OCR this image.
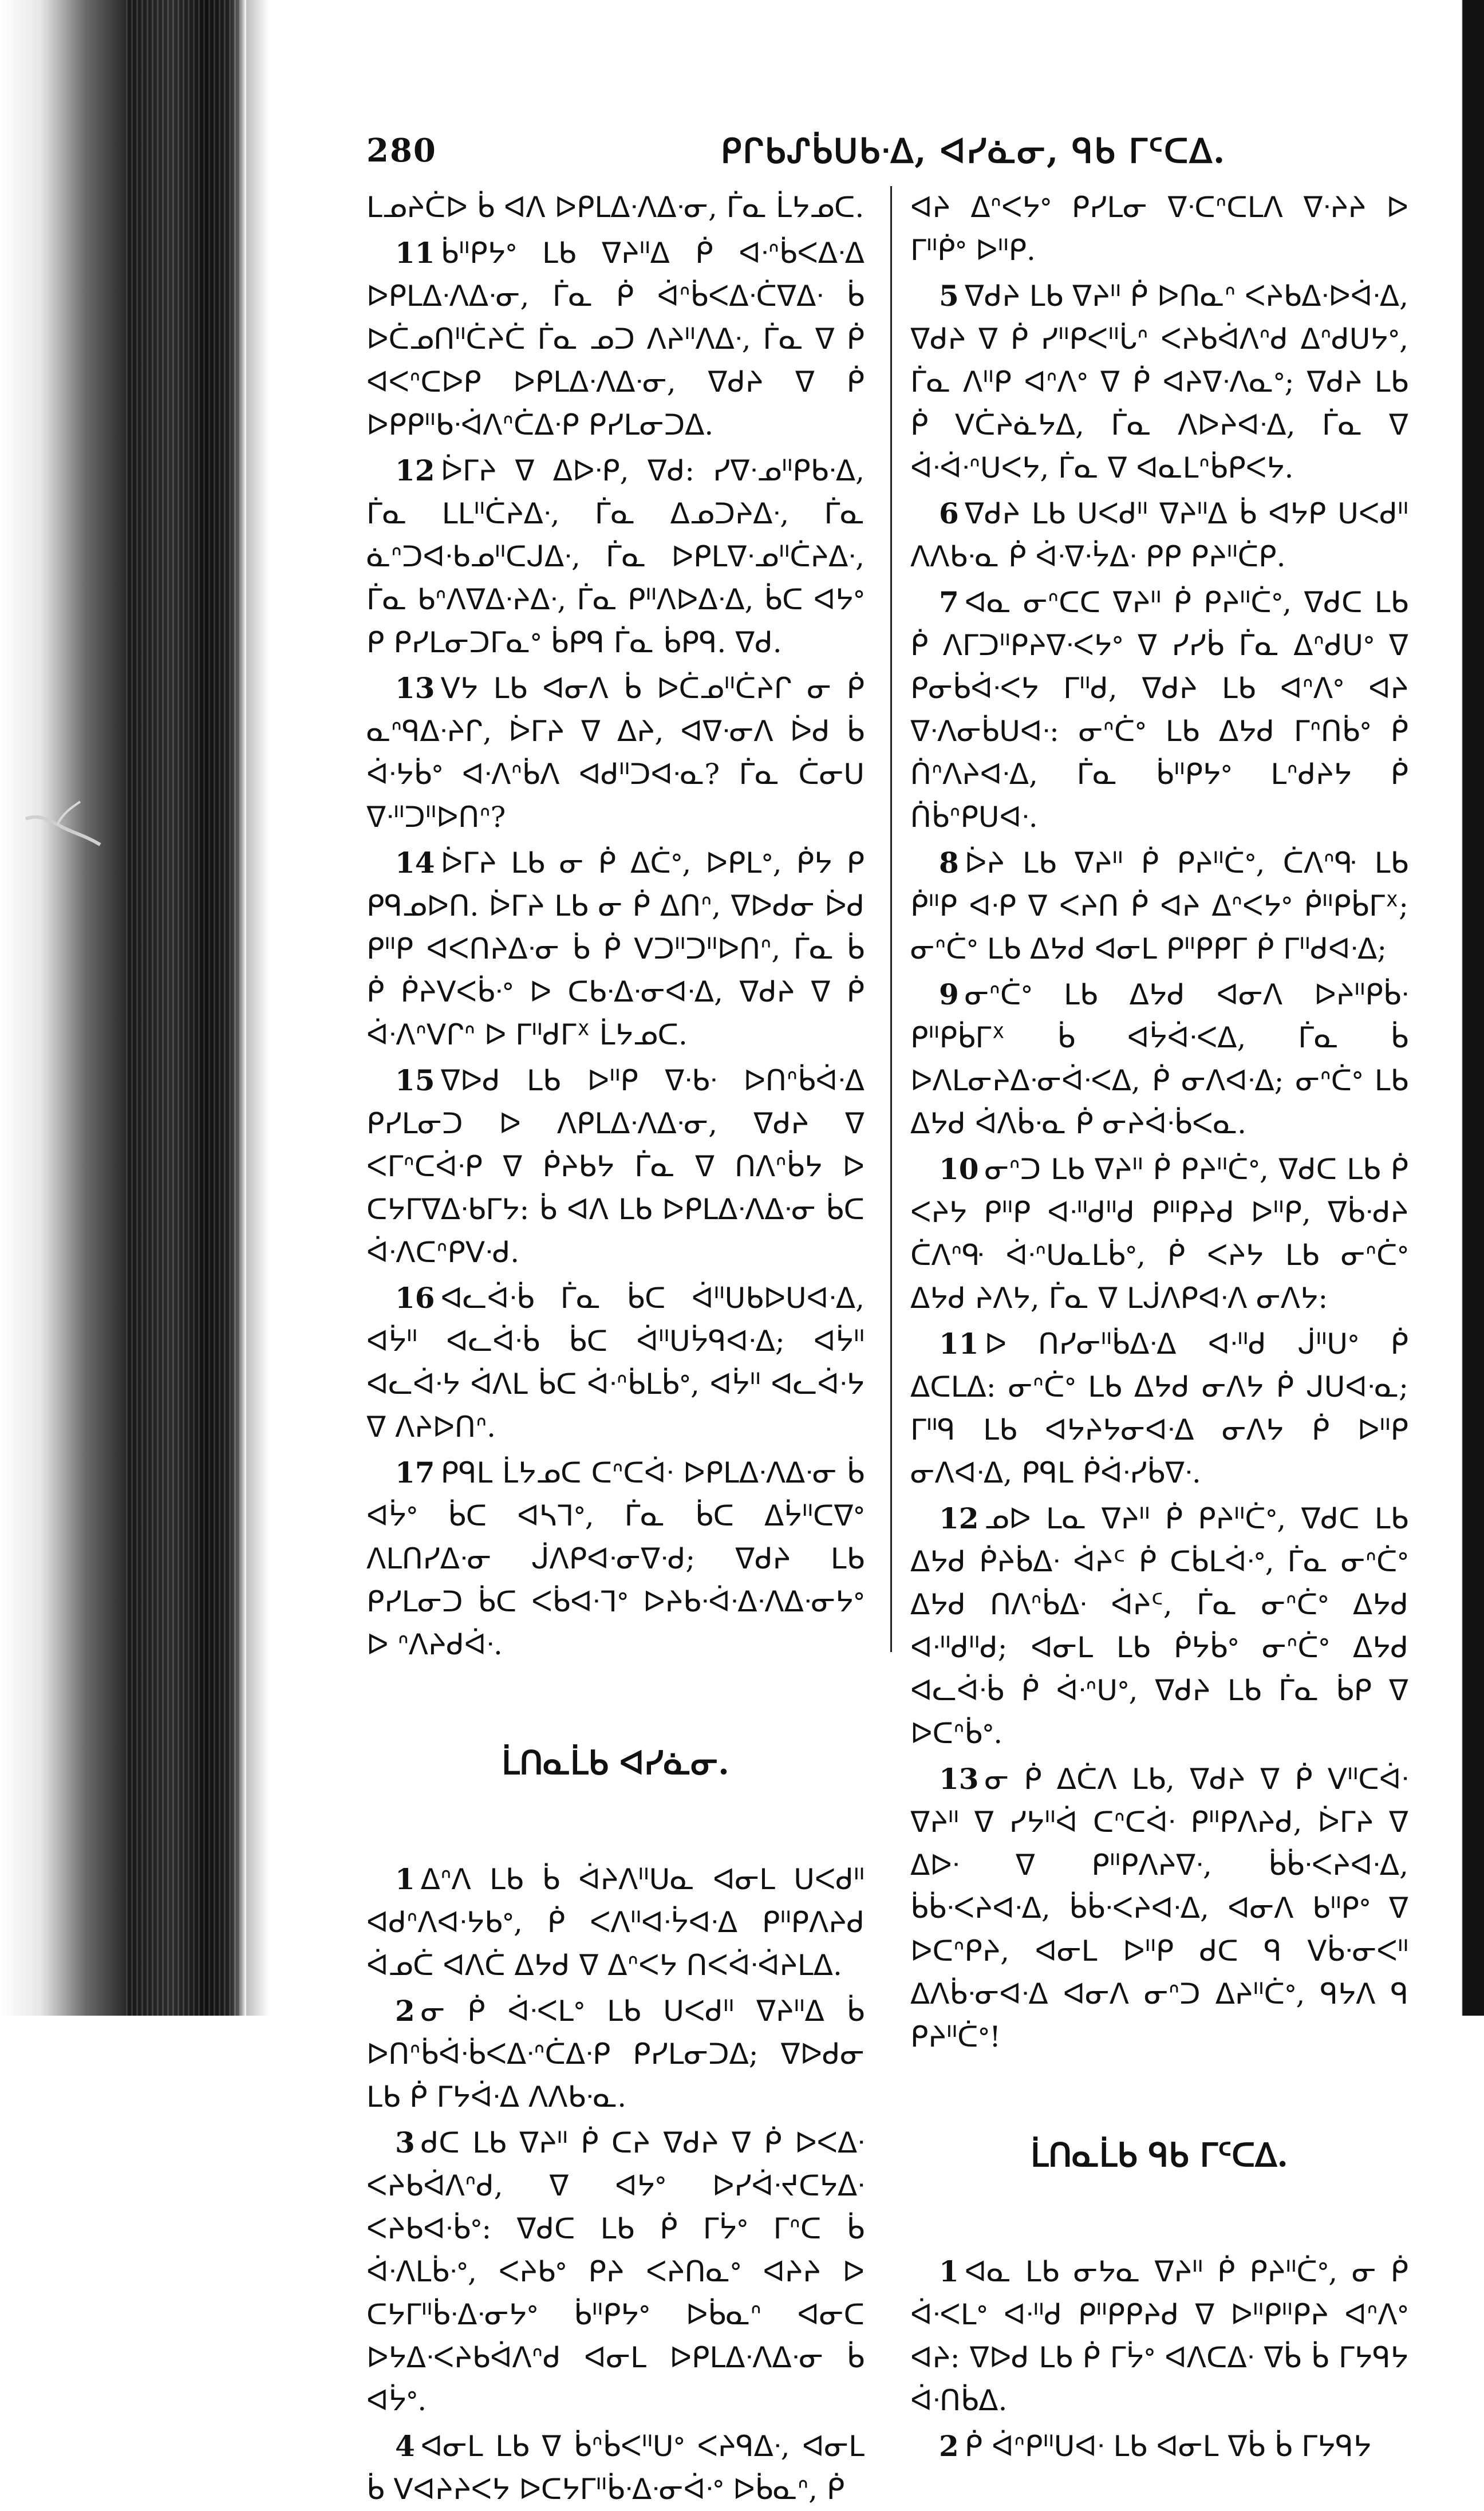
280	ᑭᒋᑲᔑᑳᑌᑲᐧᐃ, ᐊᓯᓈᓂ, ᑫᑲ ᒥᑦᑕᐃ.

ᒪᓄᔨᑖᐅ ᑳ ᐊᐱ ᐅᑭᒪᐃᐧᐱᐃᐧᓂ, ᒦᓇ ᒫᔭᓄᑕ.

11 ᑳᐦᑭᔭᐤ ᒪᑲ ᐁᔨᐦᐃ ᑮ ᐊᐧᐢᑳᐸᐃᐧᐃ ᐅᑭᒪᐃᐧᐱᐃᐧᓂ, ᒦᓇ ᑮ ᐋᐢᑳᐸᐃᐧᑖᐁᐃᐧ ᑳ ᐅᑖᓄᑎᐦᑖᔨᑖ ᒦᓇ ᓄᑐ ᐱᔨᐦᐱᐃᐧ, ᒦᓇ ᐁ ᑮ ᐊᐸᐢᑕᐅᑭ ᐅᑭᒪᐃᐧᐱᐃᐧᓂ, ᐁᑯᔨ ᐁ ᑮ ᐅᑭᑭᐦᑲᐧᐋᐱᐢᑖᐃᐧᑭ ᑭᓯᒪᓂᑐᐃ.

12 ᐆᒥᔨ ᐁ ᐃᐅᐧᑭ, ᐁᑯ: ᓯᐁᐧᓄᐦᑭᑲᐧᐃ, ᒦᓇ ᒪᒪᐦᑖᔨᐃᐧ, ᒦᓇ ᐃᓄᑐᔨᐃᐧ, ᒦᓇ ᓈᐢᑐᐊᐧᑲᓄᐦᑕᒍᐃᐧ, ᒦᓇ ᐅᑭᒪᐁᐧᓄᐦᑖᔨᐃᐧ, ᒦᓇ ᑲᐢᐱᐁᐃᐧᔨᐃᐧ, ᒦᓇ ᑭᐦᐱᐅᐃᐧᐃ, ᑳᑕ ᐊᔭᐤ ᑭ ᑭᓯᒪᓂᑐᒥᓇᐤ ᑳᑭᑫ ᒦᓇ ᑳᑭᑫ. ᐁᑯ.

13 ᐯᔭ ᒪᑲ ᐊᓂᐱ ᑳ ᐅᑖᓄᐦᑖᔨᒋ ᓂ ᑮ ᓇᐢᑫᐃᐧᔨᒋ, ᐆᒥᔨ ᐁ ᐃᔨ, ᐊᐁᐧᓂᐱ ᐆᑯ ᑳ ᐋᐧᔭᑳᐤ ᐊᐧᐱᐢᑳᐱ ᐊᑯᐦᑐᐊᐧᓇ? ᒦᓇ ᑖᓂᑌ ᐁᐧᐦᑐᐦᐅᑎᐢ?

14 ᐆᒥᔨ ᒪᑲ ᓂ ᑮ ᐃᑖᐤ, ᐅᑭᒪᐤ, ᑮᔭ ᑭ ᑭᑫᓄᐅᑎ. ᐆᒥᔨ ᒪᑲ ᓂ ᑮ ᐃᑎᐢ, ᐁᐅᑯᓂ ᐆᑯ ᑭᐦᑭ ᐊᐸᑎᔨᐃᐧᓂ ᑳ ᑮ ᐯᑐᐦᑐᐦᐅᑎᐢ, ᒦᓇ ᑳ ᑮ ᑮᔨᐯᐸᑳᐧᐤ ᐅ ᑕᑲᐧᐃᐧᓂᐊᐧᐃ, ᐁᑯᔨ ᐁ ᑮ ᐋᐧᐱᐢᐯᒋᐢ ᐅ ᒥᐦᑯᒥᕽ ᒫᔭᓄᑕ.

15 ᐁᐅᑯ ᒪᑲ ᐅᐦᑭ ᐁᐧᑲᐧ ᐅᑎᐢᑳᐋᐧᐃ ᑭᓯᒪᓂᑐ ᐅ ᐱᑭᒪᐃᐧᐱᐃᐧᓂ, ᐁᑯᔨ ᐁ ᐸᒥᐢᑕᐋᐧᑭ ᐁ ᑮᔨᑲᔭ ᒦᓇ ᐁ ᑎᐱᐢᑳᔭ ᐅ ᑕᔭᒥᐁᐃᐧᑲᒥᔭ: ᑳ ᐊᐱ ᒪᑲ ᐅᑭᒪᐃᐧᐱᐃᐧᓂ ᑳᑕ ᐋᐧᐱᑕᐢᑭᐯᐧᑯ.

16 ᐊᓚᐋᐧᑳ ᒦᓇ ᑳᑕ ᐋᐦᑌᑲᐅᑌᐊᐧᐃ, ᐊᔮᐦ ᐊᓚᐋᐧᑳ ᑳᑕ ᐋᐦᑌᔮᑫᐊᐧᐃ; ᐊᔮᐦ ᐊᓚᐋᐧᔭ ᐋᐱᒪ ᑳᑕ ᐋᐧᐢᑳᒪᑳᐤ, ᐊᔮᐦ ᐊᓚᐋᐧᔭ ᐁ ᐱᔨᐅᑎᐢ.

17 ᑭᑫᒪ ᒫᔭᓄᑕ ᑕᐢᑕᐋᐧ ᐅᑭᒪᐃᐧᐱᐃᐧᓂ ᑳ ᐊᔮᐤ ᑳᑕ ᐊᓴᒣᐤ, ᒦᓇ ᑳᑕ ᐃᔮᐦᑕᐁᐤ ᐱᒪᑎᓯᐃᐧᓂ ᒎᐱᑭᐊᐧᓂᐁᐧᑯ; ᐁᑯᔨ ᒪᑲ ᑭᓯᒪᓂᑐ ᑳᑕ ᐸᑳᐊᐧᒣᐤ ᐅᔨᑲᐧᐋᐧᐃᐧᐱᐃᐧᓂᔭᐤ ᐅ ᐢᐱᔨᑯᐋᐧ.

ᒫᑎᓇᒫᑲ ᐊᓯᓈᓂ.

1 ᐃᐢᐱ ᒪᑲ ᑳ ᐋᔨᐱᐦᑌᓇ ᐊᓂᒪ ᑌᐸᑯᐦ ᐊᑯᐢᐱᐊᐧᔭᑲᐤ, ᑮ ᐸᐱᐦᐊᐧᔮᐊᐧᐃ ᑭᐦᑭᐱᔨᑯ ᐋᓄᑖ ᐊᐱᑖ ᐃᔭᑯ ᐁ ᐃᐢᐸᔭ ᑎᐸᐋᐧᐋᔨᒪᐃ.

2 ᓂ ᑮ ᐋᐧᐸᒪᐤ ᒪᑲ ᑌᐸᑯᐦ ᐁᔨᐦᐃ ᑳ ᐅᑎᐢᑳᐋᐧᑳᐸᐃᐧᐢᑖᐃᐧᑭ ᑭᓯᒪᓂᑐᐃ; ᐁᐅᑯᓂ ᒪᑲ ᑮ ᒥᔭᐋᐧᐃ ᐱᐱᑲᐧᓇ.

3 ᑯᑕ ᒪᑲ ᐁᔨᐦ ᑮ ᑕᔨ ᐁᑯᔨ ᐁ ᑮ ᐅᐸᐃᐧ ᐸᔨᑲᐋᐱᐢᑯ, ᐁ ᐊᔭᐤ ᐅᓯᐋᐧᔪᑕᔭᐃᐧ ᐸᔨᑲᐊᐧᑳᐤ: ᐁᑯᑕ ᒪᑲ ᑮ ᒥᔮᐤ ᒥᐢᑕ ᑳ ᐋᐧᐱᒪᑳᐧᐤ, ᐸᔨᑲᐤ ᑭᔨ ᐸᔨᑎᓇᐤ ᐊᔨᔨ ᐅ ᑕᔭᒥᐦᑳᐧᐃᐧᓂᔭᐤ ᑳᐦᑭᔭᐤ ᐅᑳᓇᐢ ᐊᓂᑕ ᐅᔭᐃᐧᐸᔨᑲᐋᐱᐢᑯ ᐊᓂᒪ ᐅᑭᒪᐃᐧᐱᐃᐧᓂ ᑳ ᐊᔮᐤ.

4 ᐊᓂᒪ ᒪᑲ ᐁ ᑳᐢᑳᐸᐦᑌᐤ ᐸᔨᑫᐃᐧ, ᐊᓂᒪ ᑳ ᐯᐊᔨᔨᐸᔭ ᐅᑕᔭᒥᐦᑳᐧᐃᐧᓂᐋᐧᐤ ᐅᑳᓇᐢ, ᑮ

ᐊᔨ ᐃᐢᐸᔭᐤ ᑭᓯᒪᓂ ᐁᐧᑕᐢᑕᒪᐱ ᐁᐧᔨᔨ ᐅ ᒥᐦᑮᐤ ᐅᐦᑭ.

5 ᐁᑯᔨ ᒪᑲ ᐁᔨᐦ ᑮ ᐅᑎᓇᐢ ᐸᔨᑲᐃᐧᐅᐋᐧᐃ, ᐁᑯᔨ ᐁ ᑮ ᓯᐦᑭᐸᐦᒑᐢ ᐸᔨᑲᐋᐱᐢᑯ ᐃᐢᑯᑌᔭᐤ, ᒦᓇ ᐱᐦᑭ ᐊᐢᐱᐤ ᐁ ᑮ ᐊᔨᐁᐧᐱᓇᐤ; ᐁᑯᔨ ᒪᑲ ᑮ ᐯᑖᔨᓈᔭᐃ, ᒦᓇ ᐱᐅᔨᐊᐧᐃ, ᒦᓇ ᐁ ᐋᐧᐋᐧᐢᑌᐸᔭ, ᒦᓇ ᐁ ᐊᓇᒪᐢᑳᑭᐸᔭ.

6 ᐁᑯᔨ ᒪᑲ ᑌᐸᑯᐦ ᐁᔨᐦᐃ ᑳ ᐊᔭᑭ ᑌᐸᑯᐦ ᐱᐱᑲᐧᓇ ᑮ ᐋᐧᐁᐧᔮᐃᐧ ᑭᑭ ᑭᔨᐦᑖᑭ.

7 ᐊᓇ ᓂᐢᑕᑕ ᐁᔨᐦ ᑮ ᑭᔨᐦᑖᐤ, ᐁᑯᑕ ᒪᑲ ᑮ ᐱᒥᑐᐦᑭᔨᐁᐧᐸᔭᐤ ᐁ ᓯᓯᑳ ᒦᓇ ᐃᐢᑯᑌᐤ ᐁ ᑭᓂᑳᐋᐧᐸᔭ ᒥᐦᑯ, ᐁᑯᔨ ᒪᑲ ᐊᐢᐱᐤ ᐊᔨ ᐁᐧᐱᓂᑳᑌᐊᐧ: ᓂᐢᑖᐤ ᒪᑲ ᐃᔭᑯ ᒥᐢᑎᑳᐤ ᑮ ᑏᐢᐱᔨᐊᐧᐃ, ᒦᓇ ᑳᐦᑭᔭᐤ ᒪᐢᑯᔨᔭ ᑮ ᑏᑳᐢᑭᑌᐊᐧ.

8 ᐆᔨ ᒪᑲ ᐁᔨᐦ ᑮ ᑭᔨᐦᑖᐤ, ᑖᐱᐢᑵ ᒪᑲ ᑮᐦᑭ ᐊᐧᑭ ᐁ ᐸᔨᑎ ᑮ ᐊᔨ ᐃᐢᐸᔭᐤ ᑮᐦᑭᑳᒥᕽ; ᓂᐢᑖᐤ ᒪᑲ ᐃᔭᑯ ᐊᓂᒪ ᑭᐦᑭᑭᒥ ᑮ ᒥᐦᑯᐊᐧᐃ;

9 ᓂᐢᑖᐤ ᒪᑲ ᐃᔭᑯ ᐊᓂᐱ ᐅᔨᐦᑭᑳᐧ ᑭᐦᑭᑳᒥᕽ ᑳ ᐊᔮᐋᐧᐸᐃ, ᒦᓇ ᑳ ᐅᐱᒪᓂᔨᐃᐧᓂᐋᐧᐸᐃ, ᑮ ᓂᐱᐊᐧᐃ; ᓂᐢᑖᐤ ᒪᑲ ᐃᔭᑯ ᐋᐱᑳᐧᓇ ᑮ ᓂᔨᐋᐧᑳᐸᓇ.

10 ᓂᐢᑐ ᒪᑲ ᐁᔨᐦ ᑮ ᑭᔨᐦᑖᐤ, ᐁᑯᑕ ᒪᑲ ᑮ ᐸᔨᔭ ᑭᐦᑭ ᐊᐧᐦᑯᐦᑯ ᑭᐦᑭᔨᑯ ᐅᐦᑭ, ᐁᑳᐧᑯᔨ ᑖᐱᐢᑵ ᐋᐧᐢᑌᓇᒪᑳᐤ, ᑮ ᐸᔨᔭ ᒪᑲ ᓂᐢᑖᐤ ᐃᔭᑯ ᔨᐱᔭ, ᒦᓇ ᐁ ᒪᒎᐱᑭᐊᐧᐱ ᓂᐱᔭ:

11 ᐅ ᑎᓯᓂᐦᑳᐃᐧᐃ ᐊᐧᐦᑯ ᒎᐦᑌᐤ ᑮ ᐃᑕᒪᐃ: ᓂᐢᑖᐤ ᒪᑲ ᐃᔭᑯ ᓂᐱᔭ ᑮ ᒍᑌᐊᐧᓇ; ᒥᐦᑫ ᒪᑲ ᐊᔭᔨᔭᓂᐊᐧᐃ ᓂᐱᔭ ᑮ ᐅᐦᑭ ᓂᐱᐊᐧᐃ, ᑭᑫᒪ ᑮᐋᐧᓯᑳᐁᐧ.

12 ᓄᐅ ᒪᓇ ᐁᔨᐦ ᑮ ᑭᔨᐦᑖᐤ, ᐁᑯᑕ ᒪᑲ ᐃᔭᑯ ᑮᔨᑳᐃᐧ ᐋᔨᑦ ᑮ ᑕᑳᒪᐋᐧᐤ, ᒦᓇ ᓂᐢᑖᐤ ᐃᔭᑯ ᑎᐱᐢᑳᐃᐧ ᐋᔨᑦ, ᒦᓇ ᓂᐢᑖᐤ ᐃᔭᑯ ᐊᐧᐦᑯᐦᑯ; ᐊᓂᒪ ᒪᑲ ᑮᔭᑳᐤ ᓂᐢᑖᐤ ᐃᔭᑯ ᐊᓚᐋᐧᑳ ᑮ ᐋᐧᐢᑌᐤ, ᐁᑯᔨ ᒪᑲ ᒦᓇ ᑳᑭ ᐁ ᐅᑕᐢᑳᐤ.

13 ᓂ ᑮ ᐃᑖᐱ ᒪᑲ, ᐁᑯᔨ ᐁ ᑮ ᐯᐦᑕᐋᐧ ᐁᔨᐦ ᐁ ᓯᔭᐦᐋ ᑕᐢᑕᐋᐧ ᑭᐦᑭᐱᔨᑯ, ᐆᒥᔨ ᐁ ᐃᐅᐧ ᐁ ᑭᐦᑭᐱᔨᐁᐧ, ᑳᑳᐧᐸᔨᐊᐧᐃ, ᑳᑳᐧᐸᔨᐊᐧᐃ, ᑳᑳᐧᐸᔨᐊᐧᐃ, ᐊᓂᐱ ᑲᐦᑭᐤ ᐁ ᐅᑕᐢᑭᔨ, ᐊᓂᒪ ᐅᐦᑭ ᑯᑕ ᑫ ᐯᑳᐧᓂᐸᐦ ᐃᐱᑳᐧᓂᐊᐧᐃ ᐊᓂᐱ ᓂᐢᑐ ᐃᔨᐦᑖᐤ, ᑫᔭᐱ ᑫ ᑭᔨᐦᑖᐤ!

ᒫᑎᓇᒫᑲ ᑫᑲ ᒥᑦᑕᐃ.

1 ᐊᓇ ᒪᑲ ᓂᔭᓇ ᐁᔨᐦ ᑮ ᑭᔨᐦᑖᐤ, ᓂ ᑮ ᐋᐧᐸᒪᐤ ᐊᐧᐦᑯ ᑭᐦᑭᑭᔨᑯ ᐁ ᐅᐦᑭᐦᑭᔨ ᐊᐢᐱᐤ ᐊᔨ: ᐁᐅᑯ ᒪᑲ ᑮ ᒥᔮᐤ ᐊᐱᑕᐃᐧ ᐁᑳ ᑳ ᒥᔭᑫᔭ ᐋᐧᑎᑳᐃ.

2 ᑮ ᐋᐢᑭᐦᑌᐊᐧ ᒪᑲ ᐊᓂᒪ ᐁᑳ ᑳ ᒥᔭᑫᔭ
